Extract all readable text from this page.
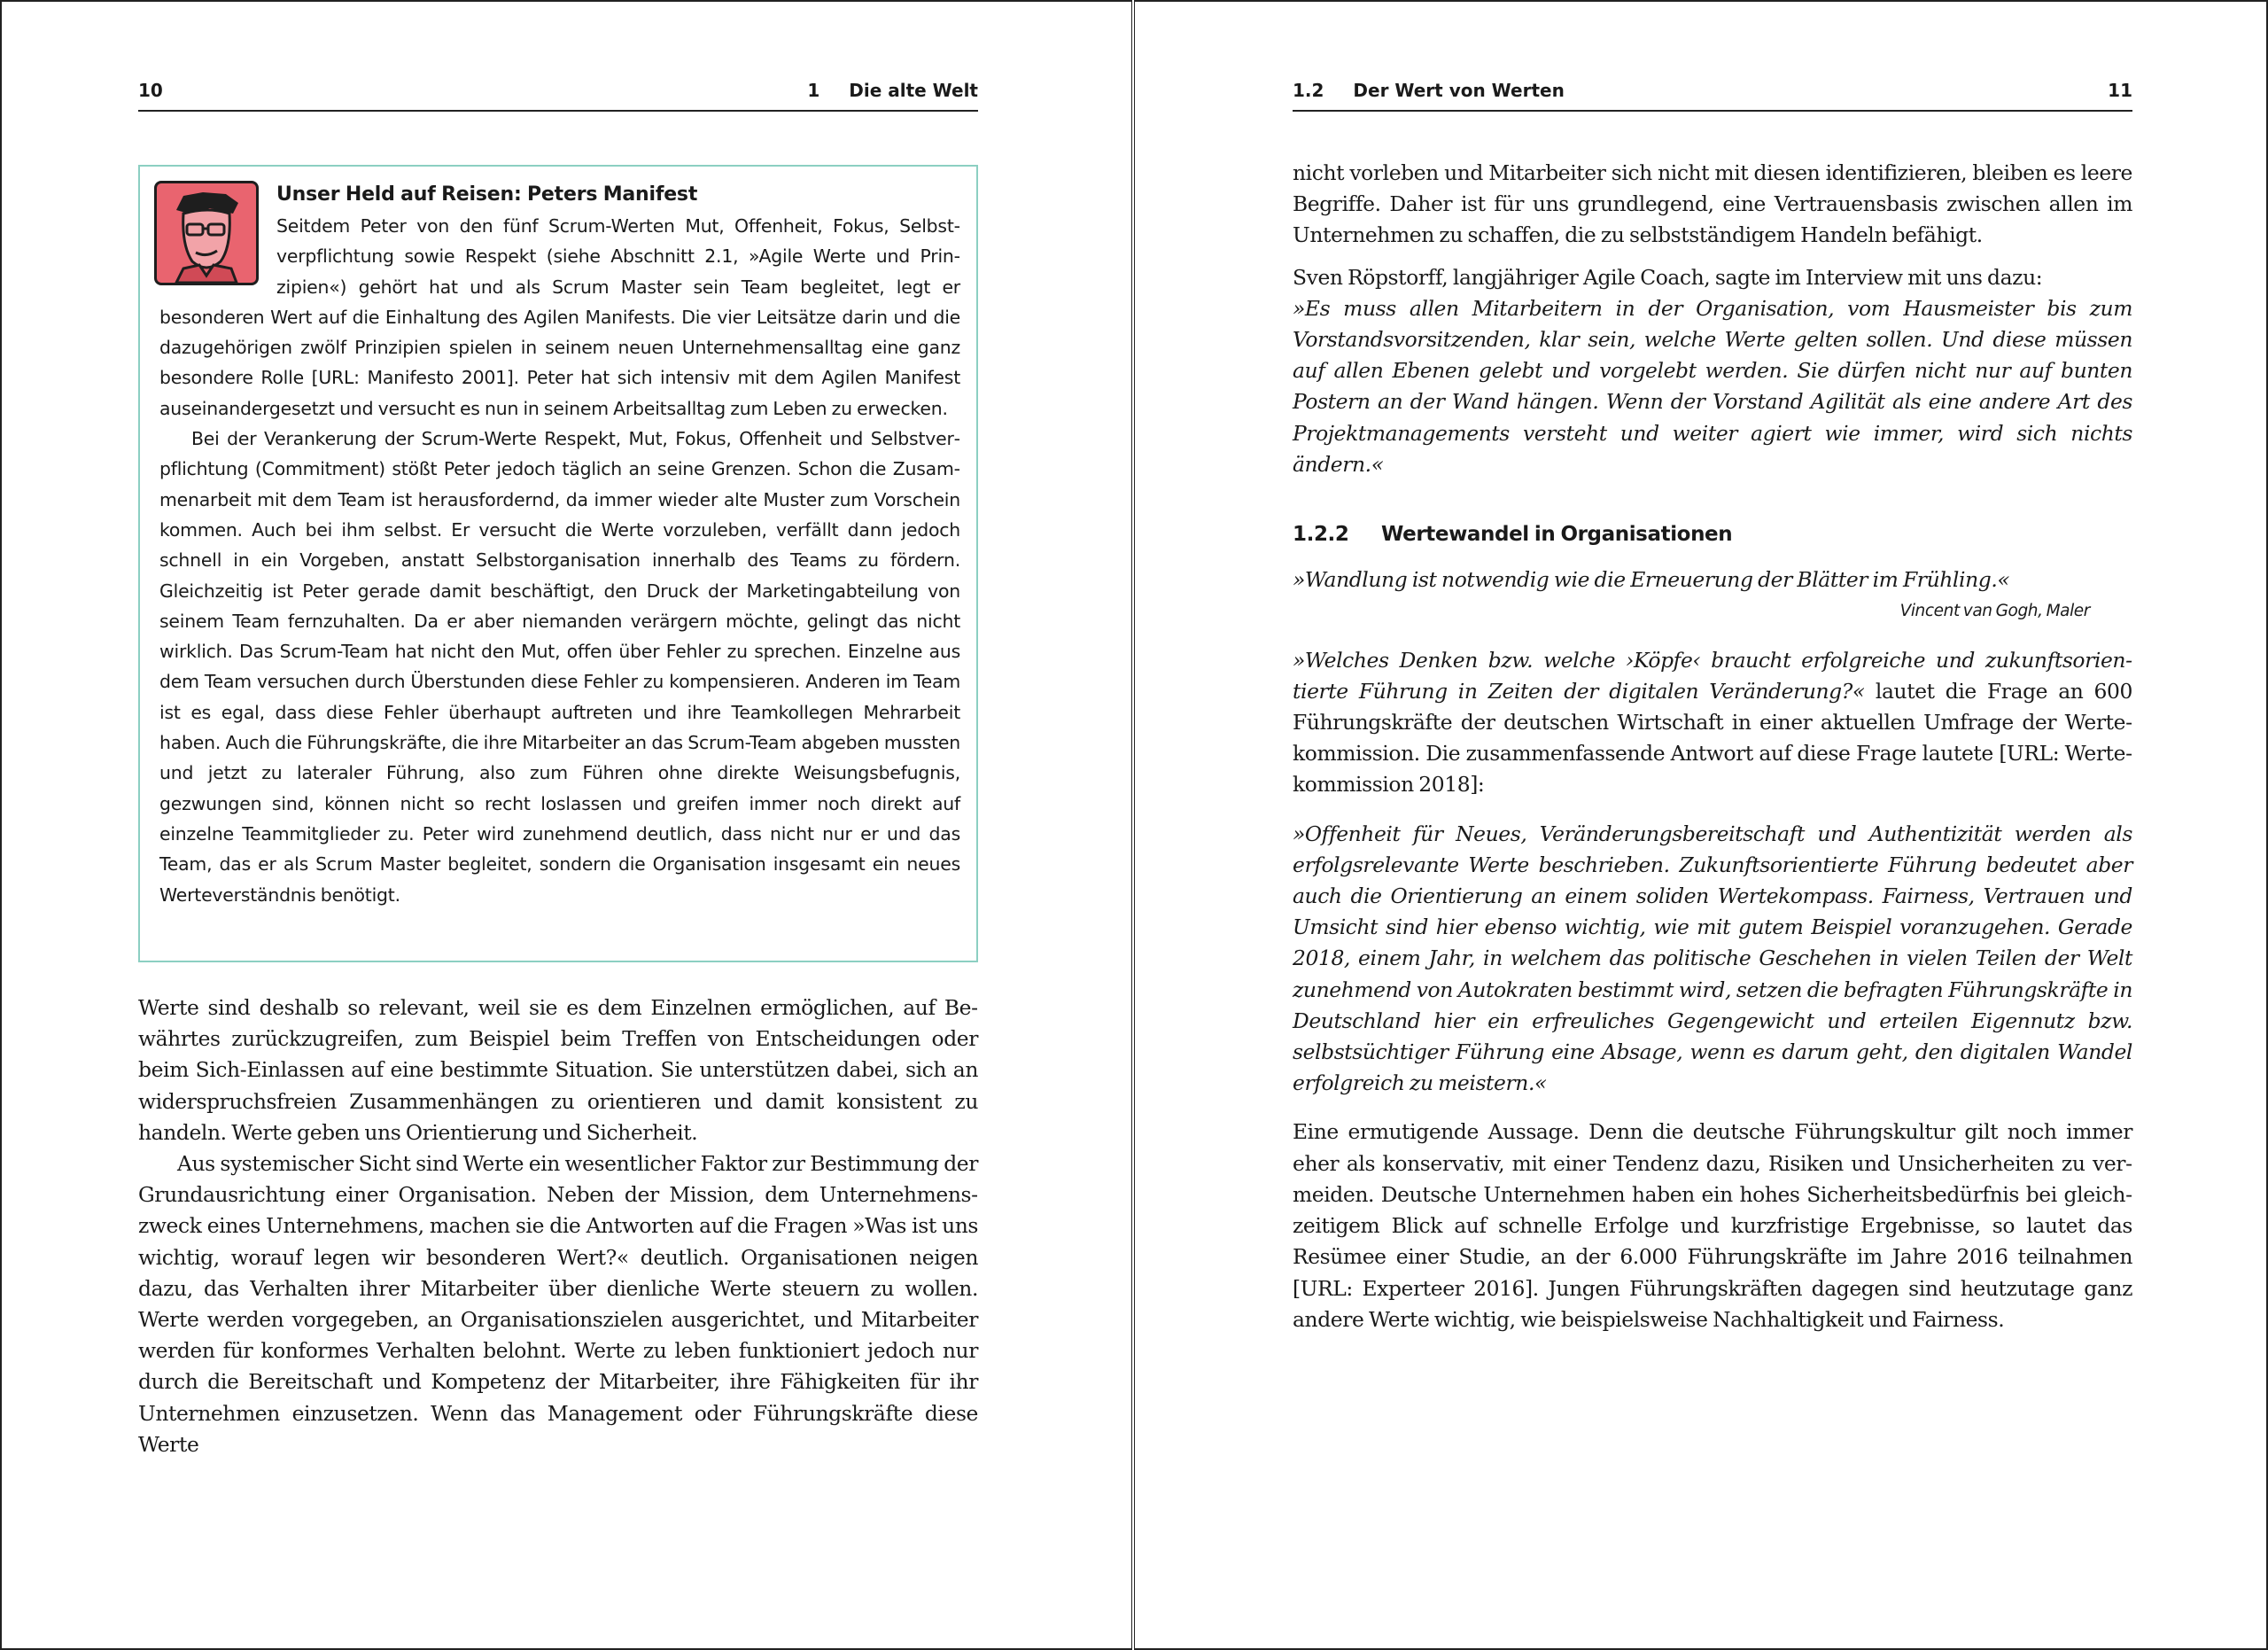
10	1 Die alte Welt

Unser Held auf Reisen: Peters Manifest

Seitdem Peter von den fünf Scrum-Werten Mut, Offenheit, Fokus, Selbstverpflichtung sowie Respekt (siehe Abschnitt 2.1, »Agile Werte und Prinzipien«) gehört hat und als Scrum Master sein Team begleitet, legt er besonderen Wert auf die Einhaltung des Agilen Manifests. Die vier Leitsätze darin und die dazugehörigen zwölf Prinzipien spielen in seinem neuen Unternehmensalltag eine ganz besondere Rolle [URL: Manifesto 2001]. Peter hat sich intensiv mit dem Agilen Manifest auseinandergesetzt und versucht es nun in seinem Arbeitsalltag zum Leben zu erwecken.

Bei der Verankerung der Scrum-Werte Respekt, Mut, Fokus, Offenheit und Selbstverpflichtung (Commitment) stößt Peter jedoch täglich an seine Grenzen. Schon die Zusammenarbeit mit dem Team ist herausfordernd, da immer wieder alte Muster zum Vorschein kommen. Auch bei ihm selbst. Er versucht die Werte vorzuleben, verfällt dann jedoch schnell in ein Vorgeben, anstatt Selbstorganisation innerhalb des Teams zu fördern. Gleichzeitig ist Peter gerade damit beschäftigt, den Druck der Marketingabteilung von seinem Team fernzuhalten. Da er aber niemanden verärgern möchte, gelingt das nicht wirklich. Das Scrum-Team hat nicht den Mut, offen über Fehler zu sprechen. Einzelne aus dem Team versuchen durch Überstunden diese Fehler zu kompensieren. Anderen im Team ist es egal, dass diese Fehler überhaupt auftreten und ihre Teamkollegen Mehrarbeit haben. Auch die Führungskräfte, die ihre Mitarbeiter an das Scrum-Team abgeben mussten und jetzt zu lateraler Führung, also zum Führen ohne direkte Weisungsbefugnis, gezwungen sind, können nicht so recht loslassen und greifen immer noch direkt auf einzelne Teammitglieder zu. Peter wird zunehmend deutlich, dass nicht nur er und das Team, das er als Scrum Master begleitet, sondern die Organisation insgesamt ein neues Werteverständnis benötigt.

Werte sind deshalb so relevant, weil sie es dem Einzelnen ermöglichen, auf Bewährtes zurückzugreifen, zum Beispiel beim Treffen von Entscheidungen oder beim Sich-Einlassen auf eine bestimmte Situation. Sie unterstützen dabei, sich an widerspruchsfreien Zusammenhängen zu orientieren und damit konsistent zu handeln. Werte geben uns Orientierung und Sicherheit.

Aus systemischer Sicht sind Werte ein wesentlicher Faktor zur Bestimmung der Grundausrichtung einer Organisation. Neben der Mission, dem Unternehmenszweck eines Unternehmens, machen sie die Antworten auf die Fragen »Was ist uns wichtig, worauf legen wir besonderen Wert?« deutlich. Organisationen neigen dazu, das Verhalten ihrer Mitarbeiter über dienliche Werte steuern zu wollen. Werte werden vorgegeben, an Organisationszielen ausgerichtet, und Mitarbeiter werden für konformes Verhalten belohnt. Werte zu leben funktioniert jedoch nur durch die Bereitschaft und Kompetenz der Mitarbeiter, ihre Fähigkeiten für ihr Unternehmen einzusetzen. Wenn das Management oder Führungskräfte diese Werte

1.2 Der Wert von Werten	11

nicht vorleben und Mitarbeiter sich nicht mit diesen identifizieren, bleiben es leere Begriffe. Daher ist für uns grundlegend, eine Vertrauensbasis zwischen allen im Unternehmen zu schaffen, die zu selbstständigem Handeln befähigt.

Sven Röpstorff, langjähriger Agile Coach, sagte im Interview mit uns dazu:

»Es muss allen Mitarbeitern in der Organisation, vom Hausmeister bis zum Vorstandsvorsitzenden, klar sein, welche Werte gelten sollen. Und diese müssen auf allen Ebenen gelebt und vorgelebt werden. Sie dürfen nicht nur auf bunten Postern an der Wand hängen. Wenn der Vorstand Agilität als eine andere Art des Projektmanagements versteht und weiter agiert wie immer, wird sich nichts ändern.«

1.2.2	Wertewandel in Organisationen

»Wandlung ist notwendig wie die Erneuerung der Blätter im Frühling.«

Vincent van Gogh, Maler

»Welches Denken bzw. welche ›Köpfe‹ braucht erfolgreiche und zukunftsorientierte Führung in Zeiten der digitalen Veränderung?« lautet die Frage an 600 Führungskräfte der deutschen Wirtschaft in einer aktuellen Umfrage der Wertekommission. Die zusammenfassende Antwort auf diese Frage lautete [URL: Wertekommission 2018]:

»Offenheit für Neues, Veränderungsbereitschaft und Authentizität werden als erfolgsrelevante Werte beschrieben. Zukunftsorientierte Führung bedeutet aber auch die Orientierung an einem soliden Wertekompass. Fairness, Vertrauen und Umsicht sind hier ebenso wichtig, wie mit gutem Beispiel voranzugehen. Gerade 2018, einem Jahr, in welchem das politische Geschehen in vielen Teilen der Welt zunehmend von Autokraten bestimmt wird, setzen die befragten Führungskräfte in Deutschland hier ein erfreuliches Gegengewicht und erteilen Eigennutz bzw. selbstsüchtiger Führung eine Absage, wenn es darum geht, den digitalen Wandel erfolgreich zu meistern.«

Eine ermutigende Aussage. Denn die deutsche Führungskultur gilt noch immer eher als konservativ, mit einer Tendenz dazu, Risiken und Unsicherheiten zu vermeiden. Deutsche Unternehmen haben ein hohes Sicherheitsbedürfnis bei gleichzeitigem Blick auf schnelle Erfolge und kurzfristige Ergebnisse, so lautet das Resümee einer Studie, an der 6.000 Führungskräfte im Jahre 2016 teilnahmen [URL: Experteer 2016]. Jungen Führungskräften dagegen sind heutzutage ganz andere Werte wichtig, wie beispielsweise Nachhaltigkeit und Fairness.
